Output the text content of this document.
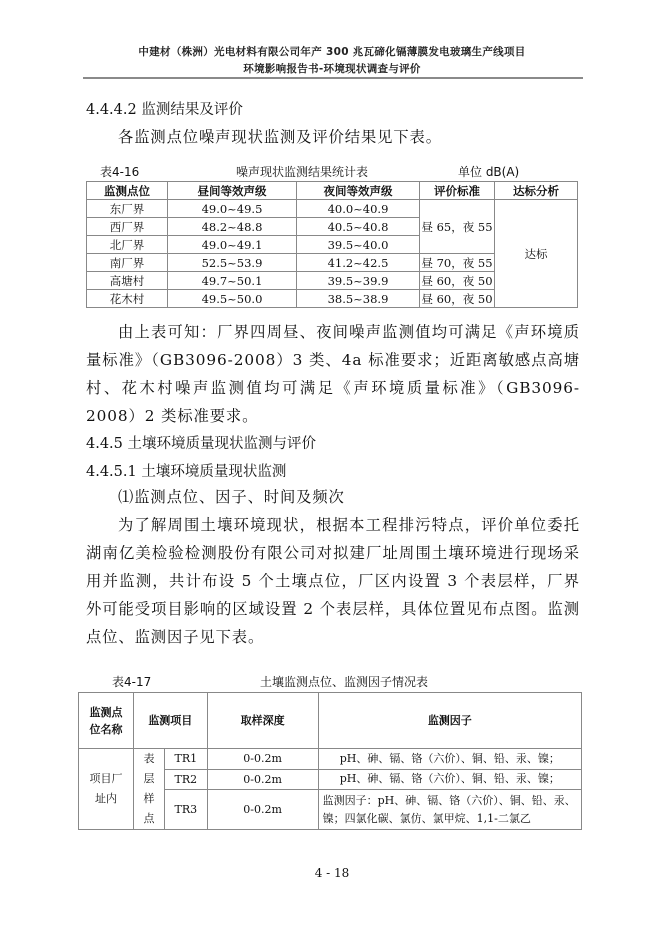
中建材（株洲）光电材料有限公司年产 300 兆瓦碲化镉薄膜发电玻璃生产线项目
环境影响报告书-环境现状调查与评价
4.4.4.2 监测结果及评价
各监测点位噪声现状监测及评价结果见下表。
表4-16	噪声现状监测结果统计表	单位 dB(A)
监测点位	昼间等效声级	夜间等效声级	评价标准	达标分析
东厂界	49.0~49.5	40.0~40.9	昼 65，夜 55	达标
西厂界	48.2~48.8	40.5~40.8		
北厂界	49.0~49.1	39.5~40.0		
南厂界	52.5~53.9	41.2~42.5	昼 70，夜 55	
高塘村	49.7~50.1	39.5~39.9	昼 60，夜 50	
花木村	49.5~50.0	38.5~38.9	昼 60，夜 50	
由上表可知：厂界四周昼、夜间噪声监测值均可满足《声环境质量标准》（GB3096-2008）3 类、4a 标准要求；近距离敏感点高塘村、花木村噪声监测值均可满足《声环境质量标准》（GB3096-2008）2 类标准要求。
4.4.5 土壤环境质量现状监测与评价
4.4.5.1 土壤环境质量现状监测
⑴监测点位、因子、时间及频次
为了解周围土壤环境现状，根据本工程排污特点，评价单位委托湖南亿美检验检测股份有限公司对拟建厂址周围土壤环境进行现场采用并监测，共计布设 5 个土壤点位，厂区内设置 3 个表层样，厂界外可能受项目影响的区域设置 2 个表层样，具体位置见布点图。监测点位、监测因子见下表。
表4-17	土壤监测点位、监测因子情况表
监测点位名称	监测项目		取样深度	监测因子
项目厂址内	表层样点	TR1	0-0.2m	pH、砷、镉、铬（六价）、铜、铅、汞、镍；
		TR2	0-0.2m	pH、砷、镉、铬（六价）、铜、铅、汞、镍；
		TR3	0-0.2m	监测因子：pH、砷、镉、铬（六价）、铜、铅、汞、镍；四氯化碳、氯仿、氯甲烷、1,1-二氯乙
4 - 18
